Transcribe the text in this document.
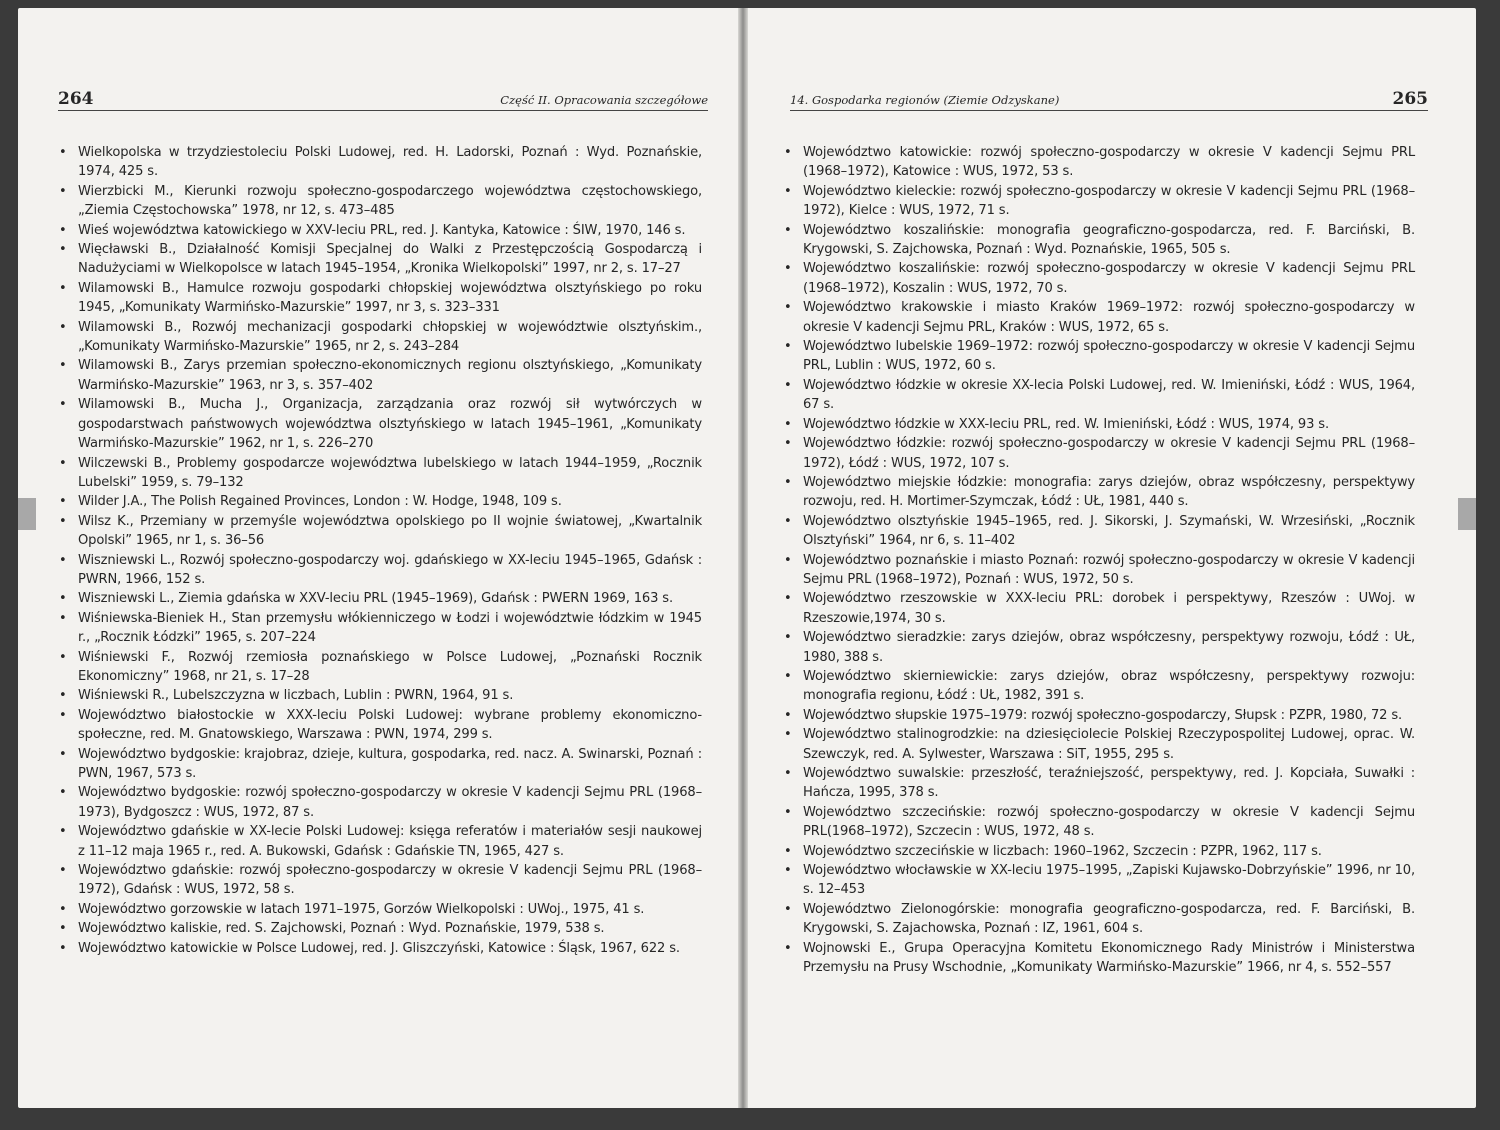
264	Część II. Opracowania szczegółowe
• Wielkopolska w trzydziestoleciu Polski Ludowej, red. H. Ladorski, Poznań : Wyd. Poznańskie, 1974, 425 s.
• Wierzbicki M., Kierunki rozwoju społeczno-gospodarczego województwa częstochowskiego, „Ziemia Częstochowska” 1978, nr 12, s. 473–485
• Wieś województwa katowickiego w XXV-leciu PRL, red. J. Kantyka, Katowice : ŚIW, 1970, 146 s.
• Więcławski B., Działalność Komisji Specjalnej do Walki z Przestępczością Gospodarczą i Nadużyciami w Wielkopolsce w latach 1945–1954, „Kronika Wielkopolski” 1997, nr 2, s. 17–27
• Wilamowski B., Hamulce rozwoju gospodarki chłopskiej województwa olsztyńskiego po roku 1945, „Komunikaty Warmińsko-Mazurskie” 1997, nr 3, s. 323–331
• Wilamowski B., Rozwój mechanizacji gospodarki chłopskiej w województwie olsztyńskim., „Komunikaty Warmińsko-Mazurskie” 1965, nr 2, s. 243–284
• Wilamowski B., Zarys przemian społeczno-ekonomicznych regionu olsztyńskiego, „Komunikaty Warmińsko-Mazurskie” 1963, nr 3, s. 357–402
• Wilamowski B., Mucha J., Organizacja, zarządzania oraz rozwój sił wytwórczych w gospodarstwach państwowych województwa olsztyńskiego w latach 1945–1961, „Komunikaty Warmińsko-Mazurskie” 1962, nr 1, s. 226–270
• Wilczewski B., Problemy gospodarcze województwa lubelskiego w latach 1944–1959, „Rocznik Lubelski” 1959, s. 79–132
• Wilder J.A., The Polish Regained Provinces, London : W. Hodge, 1948, 109 s.
• Wilsz K., Przemiany w przemyśle województwa opolskiego po II wojnie światowej, „Kwartalnik Opolski” 1965, nr 1, s. 36–56
• Wiszniewski L., Rozwój społeczno-gospodarczy woj. gdańskiego w XX-leciu 1945–1965, Gdańsk : PWRN, 1966, 152 s.
• Wiszniewski L., Ziemia gdańska w XXV-leciu PRL (1945–1969), Gdańsk : PWERN 1969, 163 s.
• Wiśniewska-Bieniek H., Stan przemysłu włókienniczego w Łodzi i województwie łódzkim w 1945 r., „Rocznik Łódzki” 1965, s. 207–224
• Wiśniewski F., Rozwój rzemiosła poznańskiego w Polsce Ludowej, „Poznański Rocznik Ekonomiczny” 1968, nr 21, s. 17–28
• Wiśniewski R., Lubelszczyzna w liczbach, Lublin : PWRN, 1964, 91 s.
• Województwo białostockie w XXX-leciu Polski Ludowej: wybrane problemy ekonomiczno-społeczne, red. M. Gnatowskiego, Warszawa : PWN, 1974, 299 s.
• Województwo bydgoskie: krajobraz, dzieje, kultura, gospodarka, red. nacz. A. Swinarski, Poznań : PWN, 1967, 573 s.
• Województwo bydgoskie: rozwój społeczno-gospodarczy w okresie V kadencji Sejmu PRL (1968–1973), Bydgoszcz : WUS, 1972, 87 s.
• Województwo gdańskie w XX-lecie Polski Ludowej: księga referatów i materiałów sesji naukowej z 11–12 maja 1965 r., red. A. Bukowski, Gdańsk : Gdańskie TN, 1965, 427 s.
• Województwo gdańskie: rozwój społeczno-gospodarczy w okresie V kadencji Sejmu PRL (1968–1972), Gdańsk : WUS, 1972, 58 s.
• Województwo gorzowskie w latach 1971–1975, Gorzów Wielkopolski : UWoj., 1975, 41 s.
• Województwo kaliskie, red. S. Zajchowski, Poznań : Wyd. Poznańskie, 1979, 538 s.
• Województwo katowickie w Polsce Ludowej, red. J. Gliszczyński, Katowice : Śląsk, 1967, 622 s.
14. Gospodarka regionów (Ziemie Odzyskane)	265
• Województwo katowickie: rozwój społeczno-gospodarczy w okresie V kadencji Sejmu PRL (1968–1972), Katowice : WUS, 1972, 53 s.
• Województwo kieleckie: rozwój społeczno-gospodarczy w okresie V kadencji Sejmu PRL (1968–1972), Kielce : WUS, 1972, 71 s.
• Województwo koszalińskie: monografia geograficzno-gospodarcza, red. F. Barciński, B. Krygowski, S. Zajchowska, Poznań : Wyd. Poznańskie, 1965, 505 s.
• Województwo koszalińskie: rozwój społeczno-gospodarczy w okresie V kadencji Sejmu PRL (1968–1972), Koszalin : WUS, 1972, 70 s.
• Województwo krakowskie i miasto Kraków 1969–1972: rozwój społeczno-gospodarczy w okresie V kadencji Sejmu PRL, Kraków : WUS, 1972, 65 s.
• Województwo lubelskie 1969–1972: rozwój społeczno-gospodarczy w okresie V kadencji Sejmu PRL, Lublin : WUS, 1972, 60 s.
• Województwo łódzkie w okresie XX-lecia Polski Ludowej, red. W. Imieniński, Łódź : WUS, 1964, 67 s.
• Województwo łódzkie w XXX-leciu PRL, red. W. Imieniński, Łódź : WUS, 1974, 93 s.
• Województwo łódzkie: rozwój społeczno-gospodarczy w okresie V kadencji Sejmu PRL (1968–1972), Łódź : WUS, 1972, 107 s.
• Województwo miejskie łódzkie: monografia: zarys dziejów, obraz współczesny, perspektywy rozwoju, red. H. Mortimer-Szymczak, Łódź : UŁ, 1981, 440 s.
• Województwo olsztyńskie 1945–1965, red. J. Sikorski, J. Szymański, W. Wrzesiński, „Rocznik Olsztyński” 1964, nr 6, s. 11–402
• Województwo poznańskie i miasto Poznań: rozwój społeczno-gospodarczy w okresie V kadencji Sejmu PRL (1968–1972), Poznań : WUS, 1972, 50 s.
• Województwo rzeszowskie w XXX-leciu PRL: dorobek i perspektywy, Rzeszów : UWoj. w Rzeszowie,1974, 30 s.
• Województwo sieradzkie: zarys dziejów, obraz współczesny, perspektywy rozwoju, Łódź : UŁ, 1980, 388 s.
• Województwo skierniewickie: zarys dziejów, obraz współczesny, perspektywy rozwoju: monografia regionu, Łódź : UŁ, 1982, 391 s.
• Województwo słupskie 1975–1979: rozwój społeczno-gospodarczy, Słupsk : PZPR, 1980, 72 s.
• Województwo stalinogrodzkie: na dziesięciolecie Polskiej Rzeczypospolitej Ludowej, oprac. W. Szewczyk, red. A. Sylwester, Warszawa : SiT, 1955, 295 s.
• Województwo suwalskie: przeszłość, teraźniejszość, perspektywy, red. J. Kopciała, Suwałki : Hańcza, 1995, 378 s.
• Województwo szczecińskie: rozwój społeczno-gospodarczy w okresie V kadencji Sejmu PRL(1968–1972), Szczecin : WUS, 1972, 48 s.
• Województwo szczecińskie w liczbach: 1960–1962, Szczecin : PZPR, 1962, 117 s.
• Województwo włocławskie w XX-leciu 1975–1995, „Zapiski Kujawsko-Dobrzyńskie” 1996, nr 10, s. 12–453
• Województwo Zielonogórskie: monografia geograficzno-gospodarcza, red. F. Barciński, B. Krygowski, S. Zajachowska, Poznań : IZ, 1961, 604 s.
• Wojnowski E., Grupa Operacyjna Komitetu Ekonomicznego Rady Ministrów i Ministerstwa Przemysłu na Prusy Wschodnie, „Komunikaty Warmińsko-Mazurskie” 1966, nr 4, s. 552–557
